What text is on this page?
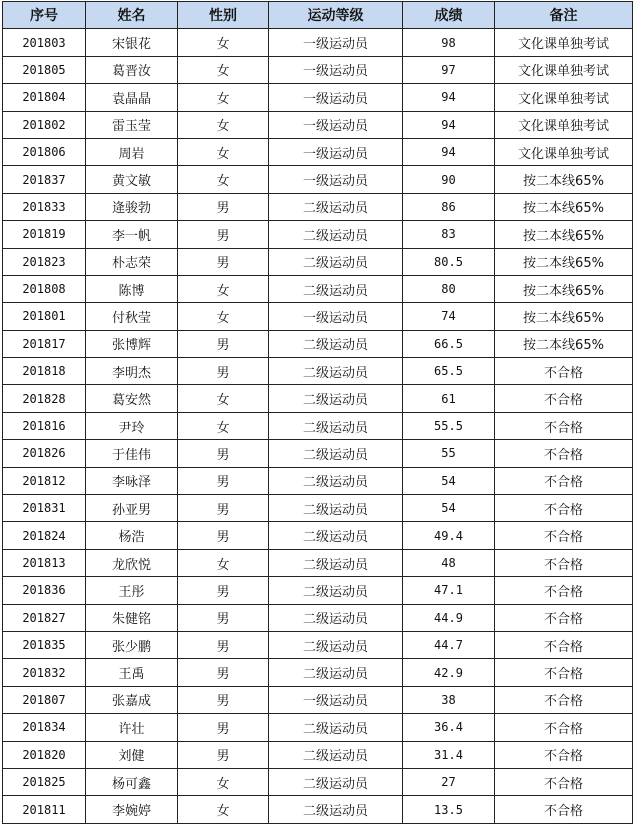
序号	姓名	性别	运动等级	成绩	备注
201803	宋银花	女	一级运动员	98	文化课单独考试
201805	葛晋汝	女	一级运动员	97	文化课单独考试
201804	袁晶晶	女	一级运动员	94	文化课单独考试
201802	雷玉莹	女	一级运动员	94	文化课单独考试
201806	周岩	女	一级运动员	94	文化课单独考试
201837	黄文敏	女	一级运动员	90	按二本线65%
201833	逄骏勃	男	二级运动员	86	按二本线65%
201819	李一帆	男	二级运动员	83	按二本线65%
201823	朴志荣	男	二级运动员	80.5	按二本线65%
201808	陈博	女	二级运动员	80	按二本线65%
201801	付秋莹	女	一级运动员	74	按二本线65%
201817	张博辉	男	二级运动员	66.5	按二本线65%
201818	李明杰	男	二级运动员	65.5	不合格
201828	葛安然	女	二级运动员	61	不合格
201816	尹玲	女	二级运动员	55.5	不合格
201826	于佳伟	男	二级运动员	55	不合格
201812	李咏泽	男	二级运动员	54	不合格
201831	孙亚男	男	二级运动员	54	不合格
201824	杨浩	男	二级运动员	49.4	不合格
201813	龙欣悦	女	二级运动员	48	不合格
201836	王彤	男	二级运动员	47.1	不合格
201827	朱健铭	男	二级运动员	44.9	不合格
201835	张少鹏	男	二级运动员	44.7	不合格
201832	王禹	男	二级运动员	42.9	不合格
201807	张嘉成	男	一级运动员	38	不合格
201834	许壮	男	二级运动员	36.4	不合格
201820	刘健	男	二级运动员	31.4	不合格
201825	杨可鑫	女	二级运动员	27	不合格
201811	李婉婷	女	二级运动员	13.5	不合格
